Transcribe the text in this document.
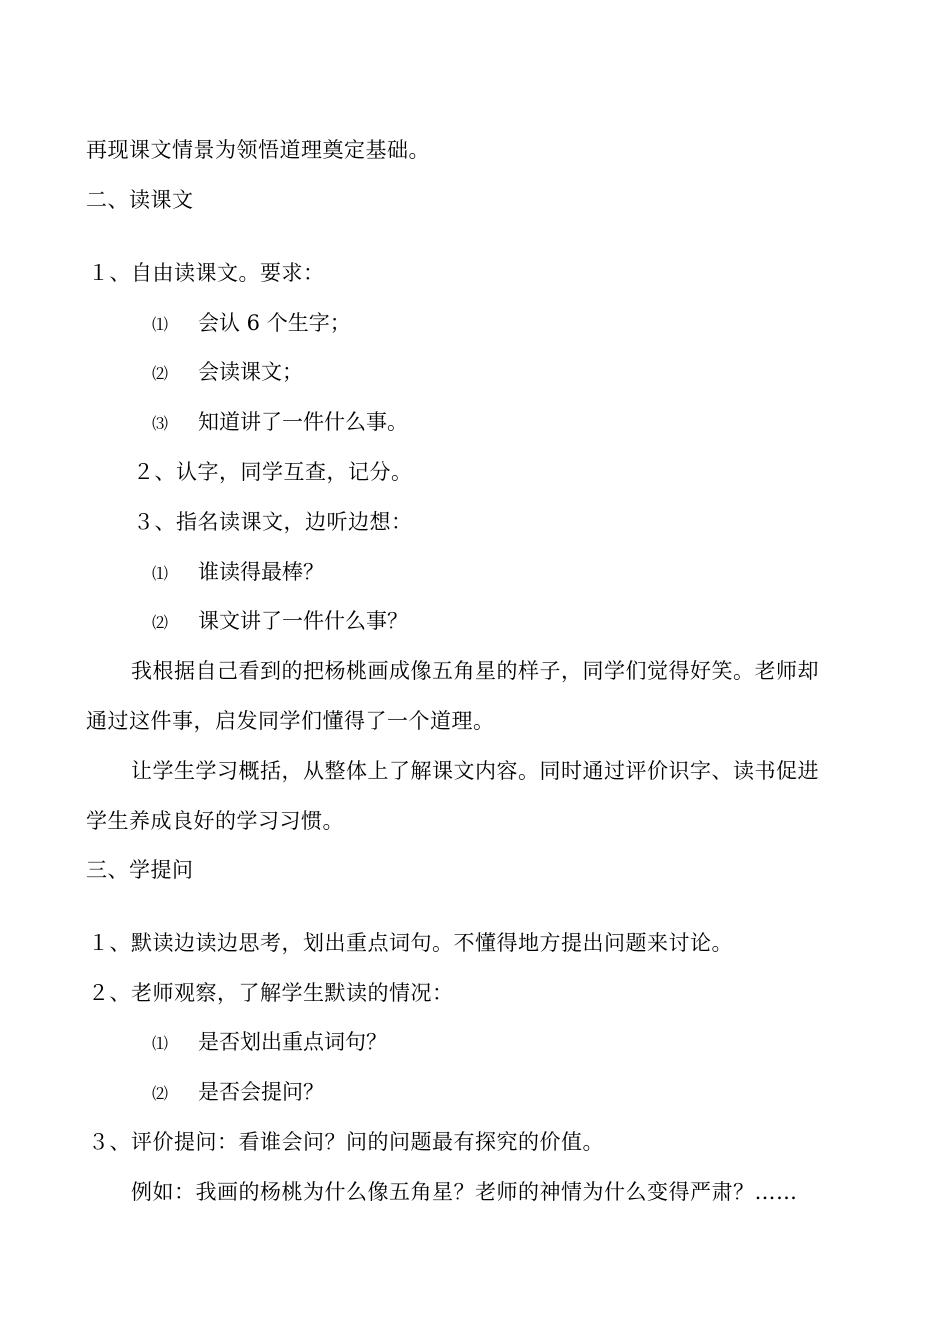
再现课文情景为领悟道理奠定基础。
二、读课文
１、自由读课文。要求：
⑴ 会认 6 个生字；
⑵ 会读课文；
⑶ 知道讲了一件什么事。
２、认字，同学互查，记分。
３、指名读课文，边听边想：
⑴ 谁读得最棒？
⑵ 课文讲了一件什么事？
我根据自己看到的把杨桃画成像五角星的样子，同学们觉得好笑。老师却
通过这件事，启发同学们懂得了一个道理。
让学生学习概括，从整体上了解课文内容。同时通过评价识字、读书促进
学生养成良好的学习习惯。
三、学提问
１、默读边读边思考，划出重点词句。不懂得地方提出问题来讨论。
２、老师观察，了解学生默读的情况：
⑴ 是否划出重点词句？
⑵ 是否会提问？
３、评价提问：看谁会问？问的问题最有探究的价值。
例如：我画的杨桃为什么像五角星？老师的神情为什么变得严肃？……
